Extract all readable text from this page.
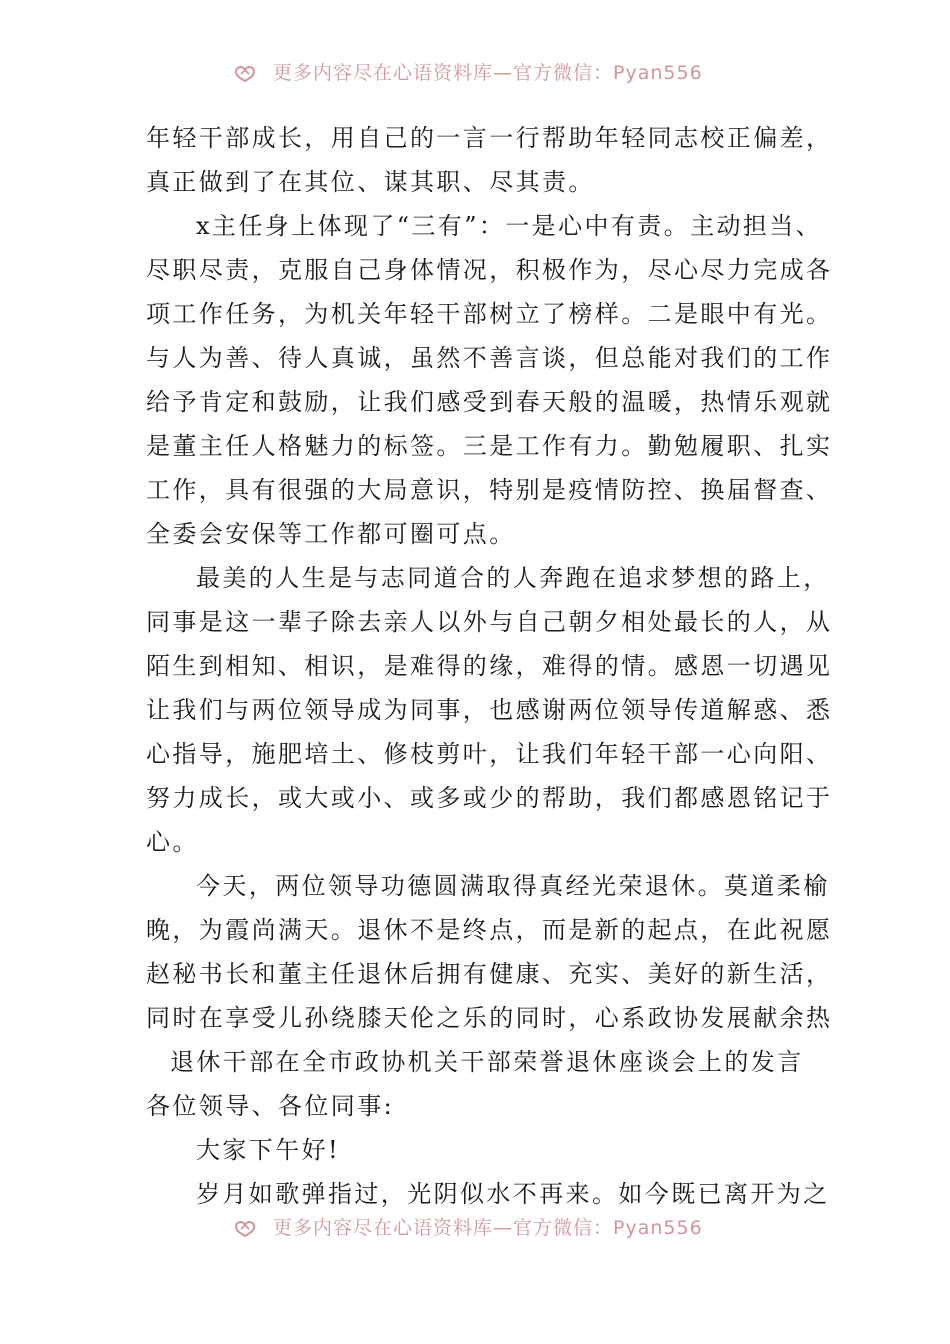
更多内容尽在心语资料库—官方微信：Pyan556
年轻干部成长，用自己的一言一行帮助年轻同志校正偏差，
真正做到了在其位、谋其职、尽其责。
x主任身上体现了“三有”：一是心中有责。主动担当、
尽职尽责，克服自己身体情况，积极作为，尽心尽力完成各
项工作任务，为机关年轻干部树立了榜样。二是眼中有光。
与人为善、待人真诚，虽然不善言谈，但总能对我们的工作
给予肯定和鼓励，让我们感受到春天般的温暖，热情乐观就
是董主任人格魅力的标签。三是工作有力。勤勉履职、扎实
工作，具有很强的大局意识，特别是疫情防控、换届督查、
全委会安保等工作都可圈可点。
最美的人生是与志同道合的人奔跑在追求梦想的路上，
同事是这一辈子除去亲人以外与自己朝夕相处最长的人，从
陌生到相知、相识，是难得的缘，难得的情。感恩一切遇见
让我们与两位领导成为同事，也感谢两位领导传道解惑、悉
心指导，施肥培土、修枝剪叶，让我们年轻干部一心向阳、
努力成长，或大或小、或多或少的帮助，我们都感恩铭记于
心。
今天，两位领导功德圆满取得真经光荣退休。莫道柔榆
晚，为霞尚满天。退休不是终点，而是新的起点，在此祝愿
赵秘书长和董主任退休后拥有健康、充实、美好的新生活，
同时在享受儿孙绕膝天伦之乐的同时，心系政协发展献余热
退休干部在全市政协机关干部荣誉退休座谈会上的发言
各位领导、各位同事:
大家下午好!
岁月如歌弹指过，光阴似水不再来。如今既已离开为之
更多内容尽在心语资料库—官方微信：Pyan556
